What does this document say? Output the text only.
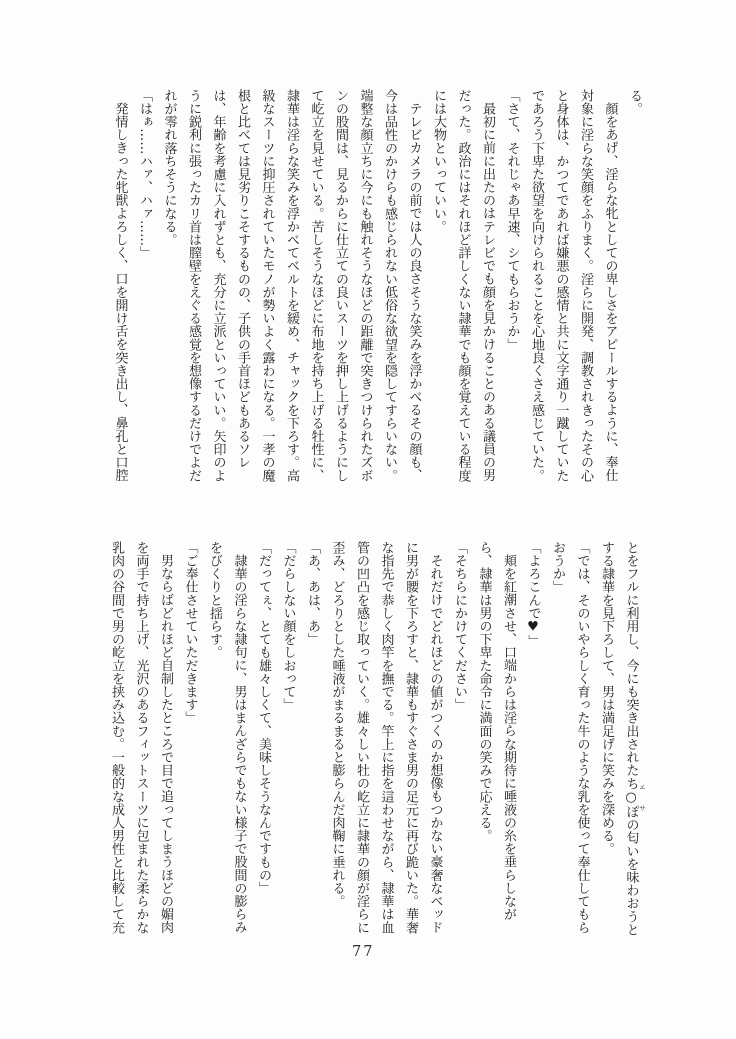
る。

顔をあげ、淫らな牝としての卑しさをアピールするように、奉仕対象に淫らな笑顔をふりまく。淫らに開発、調教されきったその心と身体は、かつてであれば嫌悪の感情と共に文字通り一蹴していたであろう下卑た欲望を向けられることを心地良くさえ感じていた。

「さて、それじゃあ早速、シてもらおうか」

最初に前に出たのはテレビでも顔を見かけることのある議員の男だった。政治にはそれほど詳しくない隷華でも顔を覚えている程度には大物といっていい。

テレビカメラの前では人の良さそうな笑みを浮かべるその顔も、今は品性のかけらも感じられない低俗な欲望を隠してすらいない。端整な顔立ちに今にも触れそうなほどの距離で突きつけられたズボンの股間は、見るからに仕立ての良いスーツを押し上げるようにして屹立を見せている。苦しそうなほどに布地を持ち上げる牡性に、隷華は淫らな笑みを浮かべてベルトを緩め、チャックを下ろす。高級なスーツに抑圧されていたモノが勢いよく露わになる。一孝の魔根と比べては見劣りこそするものの、子供の手首ほどもあるソレは、年齢を考慮に入れずとも、充分に立派といっていい。矢印のように鋭利に張ったカリ首は膣壁をえぐる感覚を想像するだけでよだれが零れ落ちそうになる。

「はぁ……ハァ、ハァ……」

発情しきった牝獣よろしく、口を開け舌を突き出し、鼻孔と口腔

とをフルに利用し、今にも突き出されたち○ぽ エサの匂いを味わおうとする隷華を見下ろして、男は満足げに笑みを深める。

「では、そのいやらしく育った牛のような乳を使って奉仕してもらおうか」

「よろこんで♥」

頬を紅潮させ、口端からは淫らな期待に唾液の糸を垂らしながら、隷華は男の下卑た命令に満面の笑みで応える。

「そちらにかけてください」

それだけでどれほどの値がつくのか想像もつかない豪奢なベッドに男が腰を下ろすと、隷華もすぐさま男の足元に再び跪いた。華奢な指先で恭しく肉竿を撫でる。竿上に指を這わせながら、隷華は血管の凹凸を感じ取っていく。雄々しい牡の屹立に隷華の顔が淫らに歪み、どろりとした唾液がまるまると膨らんだ肉鞠に垂れる。

「あ、あは、あ」

「だらしない顔をしおって」

「だってぇ、とても雄々しくて、美味しそうなんですもの」

隷華の淫らな隷句に、男はまんざらでもない様子で股間の膨らみをびくりと揺らす。

「ご奉仕させていただきます」

男ならばどれほど自制したところで目で追ってしまうほどの媚肉を両手で持ち上げ、光沢のあるフィットスーツに包まれた柔らかな乳肉の谷間で男の屹立を挟み込む。一般的な成人男性と比較して充

77
